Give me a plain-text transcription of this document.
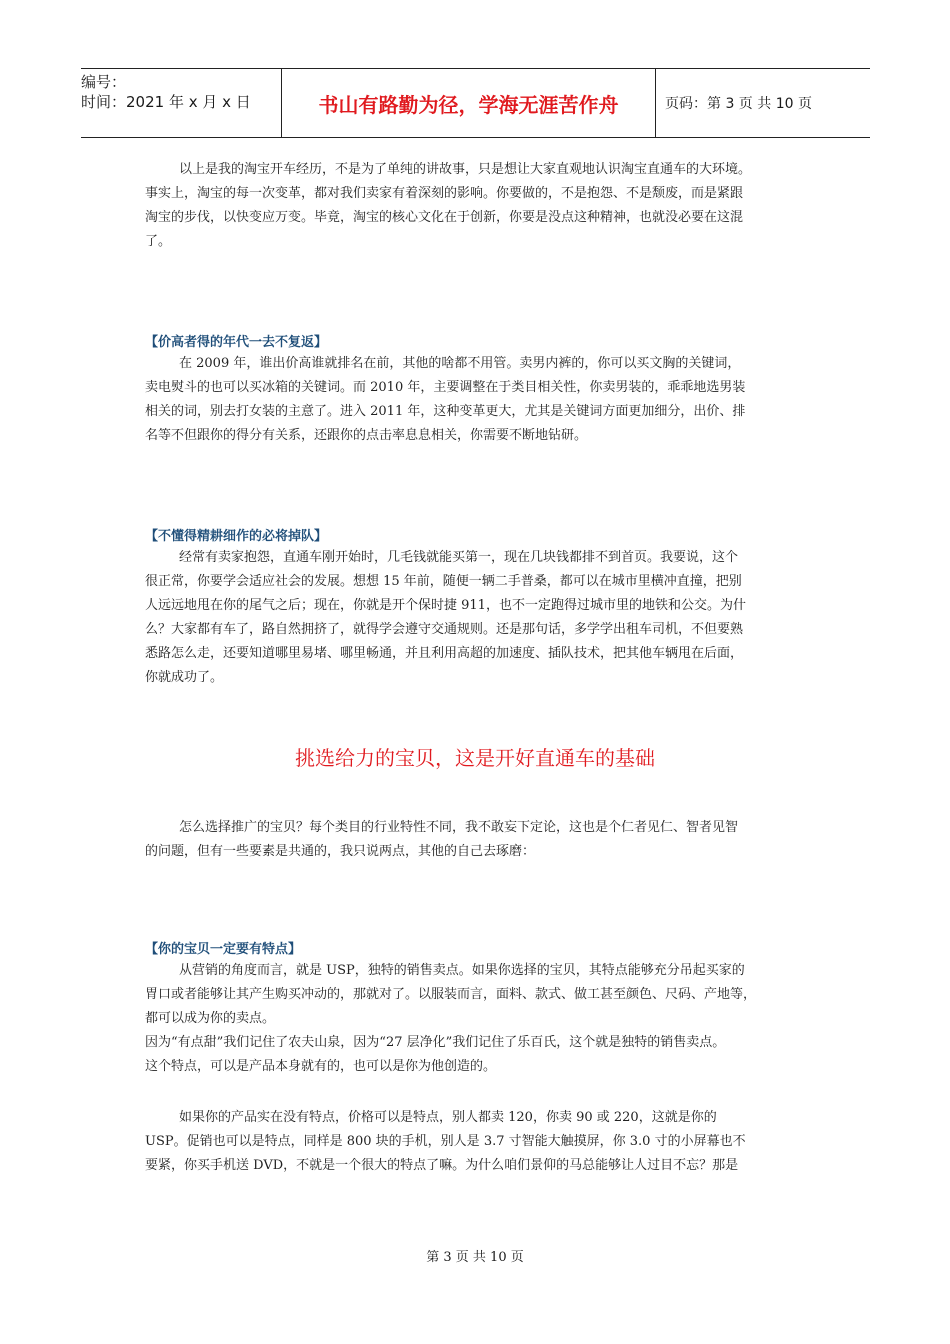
编号：
时间：2021 年 x 月 x 日	书山有路勤为径，学海无涯苦作舟	页码：第 3 页 共 10 页
以上是我的淘宝开车经历，不是为了单纯的讲故事，只是想让大家直观地认识淘宝直通车的大环境。
事实上，淘宝的每一次变革，都对我们卖家有着深刻的影响。你要做的，不是抱怨、不是颓废，而是紧跟
淘宝的步伐，以快变应万变。毕竟，淘宝的核心文化在于创新，你要是没点这种精神，也就没必要在这混
了。
【价高者得的年代一去不复返】
在 2009 年，谁出价高谁就排名在前，其他的啥都不用管。卖男内裤的，你可以买文胸的关键词，
卖电熨斗的也可以买冰箱的关键词。而 2010 年，主要调整在于类目相关性，你卖男装的，乖乖地选男装
相关的词，别去打女装的主意了。进入 2011 年，这种变革更大，尤其是关键词方面更加细分，出价、排
名等不但跟你的得分有关系，还跟你的点击率息息相关，你需要不断地钻研。
【不懂得精耕细作的必将掉队】
经常有卖家抱怨，直通车刚开始时，几毛钱就能买第一，现在几块钱都排不到首页。我要说，这个
很正常，你要学会适应社会的发展。想想 15 年前，随便一辆二手普桑，都可以在城市里横冲直撞，把别
人远远地甩在你的尾气之后；现在，你就是开个保时捷 911，也不一定跑得过城市里的地铁和公交。为什
么？大家都有车了，路自然拥挤了，就得学会遵守交通规则。还是那句话，多学学出租车司机，不但要熟
悉路怎么走，还要知道哪里易堵、哪里畅通，并且利用高超的加速度、插队技术，把其他车辆甩在后面，
你就成功了。
挑选给力的宝贝，这是开好直通车的基础
怎么选择推广的宝贝？每个类目的行业特性不同，我不敢妄下定论，这也是个仁者见仁、智者见智
的问题，但有一些要素是共通的，我只说两点，其他的自己去琢磨：
【你的宝贝一定要有特点】
从营销的角度而言，就是 USP，独特的销售卖点。如果你选择的宝贝，其特点能够充分吊起买家的
胃口或者能够让其产生购买冲动的，那就对了。以服装而言，面料、款式、做工甚至颜色、尺码、产地等，
都可以成为你的卖点。
因为“有点甜”我们记住了农夫山泉，因为“27 层净化”我们记住了乐百氏，这个就是独特的销售卖点。
这个特点，可以是产品本身就有的，也可以是你为他创造的。
如果你的产品实在没有特点，价格可以是特点，别人都卖 120，你卖 90 或 220，这就是你的
USP。促销也可以是特点，同样是 800 块的手机，别人是 3.7 寸智能大触摸屏，你 3.0 寸的小屏幕也不
要紧，你买手机送 DVD，不就是一个很大的特点了嘛。为什么咱们景仰的马总能够让人过目不忘？那是
第 3 页 共 10 页
